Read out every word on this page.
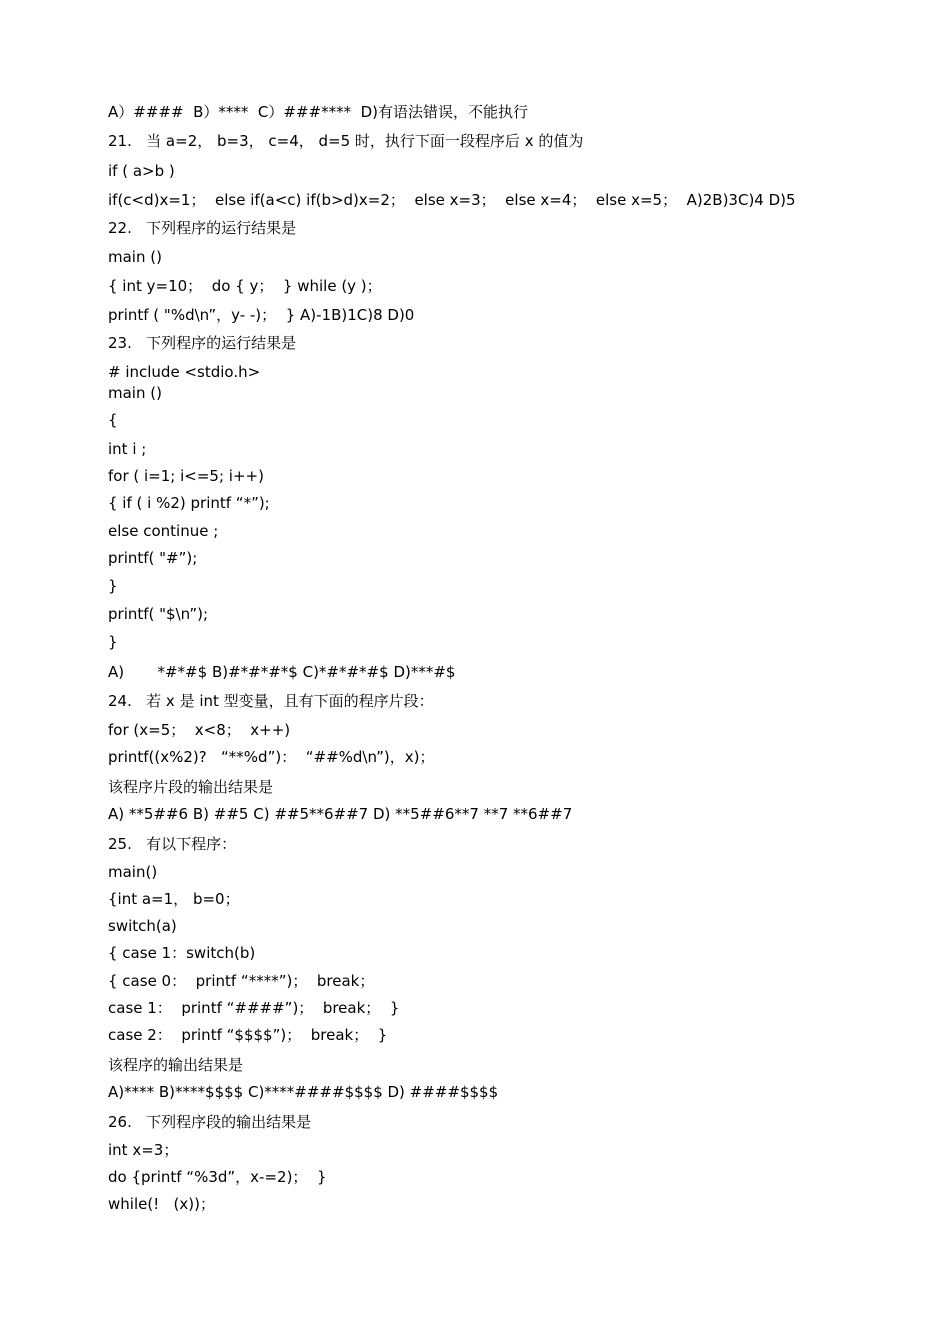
A）####  B）****  C）###****  D)有语法错误，不能执行
21.   当 a=2， b=3， c=4， d=5 时，执行下面一段程序后 x 的值为
if ( a>b )
if(c<d)x=1；  else if(a<c) if(b>d)x=2；  else x=3；  else x=4；  else x=5；  A)2B)3C)4 D)5
22.   下列程序的运行结果是
main ()
{ int y=10；  do { y；  } while (y )；
printf ( "%d\n”，y- -)；  } A)-1B)1C)8 D)0
23.   下列程序的运行结果是
# include <stdio.h>
main ()
{
int i ;
for ( i=1; i<=5; i++)
{ if ( i %2) printf “*”);
else continue ;
printf( "#”);
}
printf( "$\n”);
}
A)       *#*#$ B)#*#*#*$ C)*#*#*#$ D)***#$
24.   若 x 是 int 型变量，且有下面的程序片段：
for (x=5；  x<8；  x++)
printf((x%2)?   “**%d”)：  “##%d\n”)，x)；
该程序片段的输出结果是
A) **5##6 B) ##5 C) ##5**6##7 D) **5##6**7 **7 **6##7
25.   有以下程序：
main()
{int a=1， b=0；
switch(a)
{ case 1：switch(b)
{ case 0：  printf “****”)；  break；
case 1：  printf “####”)；  break；  }
case 2：  printf “$$$$”)；  break；  }
该程序的输出结果是
A)**** B)****$$$$ C)****####$$$$ D) ####$$$$
26.   下列程序段的输出结果是
int x=3；
do {printf “%3d”，x-=2)；  }
while(!   (x))；
